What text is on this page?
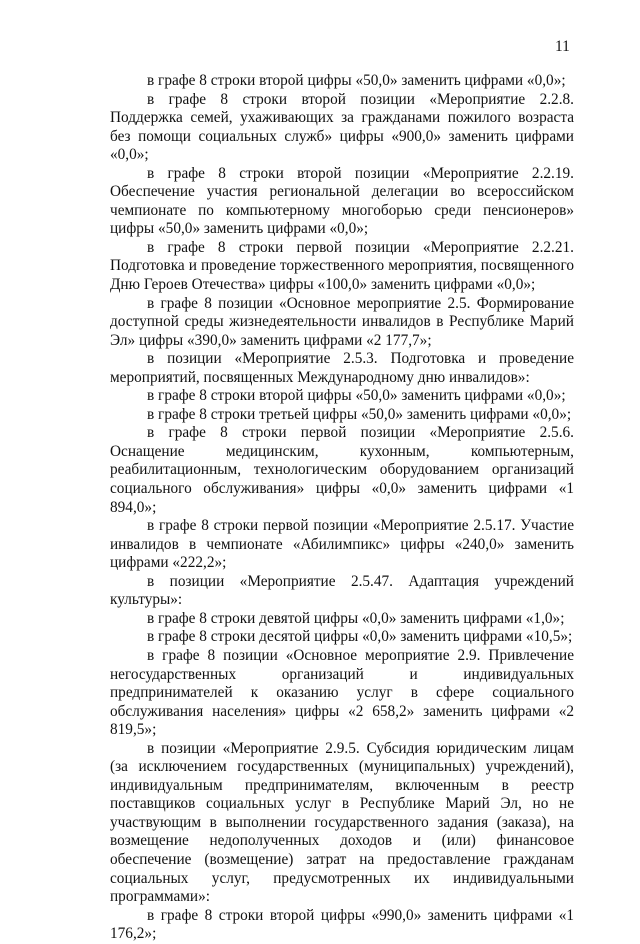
11

в графе 8 строки второй цифры «50,0» заменить цифрами «0,0»;

в графе 8 строки второй позиции «Мероприятие 2.2.8. Поддержка семей, ухаживающих за гражданами пожилого возраста без помощи социальных служб» цифры «900,0» заменить цифрами «0,0»;

в графе 8 строки второй позиции «Мероприятие 2.2.19. Обеспечение участия региональной делегации во всероссийском чемпионате по компьютерному многоборью среди пенсионеров» цифры «50,0» заменить цифрами «0,0»;

в графе 8 строки первой позиции «Мероприятие 2.2.21. Подготовка и проведение торжественного мероприятия, посвященного Дню Героев Отечества» цифры «100,0» заменить цифрами «0,0»;

в графе 8 позиции «Основное мероприятие 2.5. Формирование доступной среды жизнедеятельности инвалидов в Республике Марий Эл» цифры «390,0» заменить цифрами «2 177,7»;

в позиции «Мероприятие 2.5.3. Подготовка и проведение мероприятий, посвященных Международному дню инвалидов»:

в графе 8 строки второй цифры «50,0» заменить цифрами «0,0»;

в графе 8 строки третьей цифры «50,0» заменить цифрами «0,0»;

в графе 8 строки первой позиции «Мероприятие 2.5.6. Оснащение медицинским, кухонным, компьютерным, реабилитационным, технологическим оборудованием организаций социального обслуживания» цифры «0,0» заменить цифрами «1 894,0»;

в графе 8 строки первой позиции «Мероприятие 2.5.17. Участие инвалидов в чемпионате «Абилимпикс» цифры «240,0» заменить цифрами «222,2»;

в позиции «Мероприятие 2.5.47. Адаптация учреждений культуры»:

в графе 8 строки девятой цифры «0,0» заменить цифрами «1,0»;

в графе 8 строки десятой цифры «0,0» заменить цифрами «10,5»;

в графе 8 позиции «Основное мероприятие 2.9. Привлечение негосударственных организаций и индивидуальных предпринимателей к оказанию услуг в сфере социального обслуживания населения» цифры «2 658,2» заменить цифрами «2 819,5»;

в позиции «Мероприятие 2.9.5. Субсидия юридическим лицам (за исключением государственных (муниципальных) учреждений), индивидуальным предпринимателям, включенным в реестр поставщиков социальных услуг в Республике Марий Эл, но не участвующим в выполнении государственного задания (заказа), на возмещение недополученных доходов и (или) финансовое обеспечение (возмещение) затрат на предоставление гражданам социальных услуг, предусмотренных их индивидуальными программами»:

в графе 8 строки второй цифры «990,0» заменить цифрами «1 176,2»;
